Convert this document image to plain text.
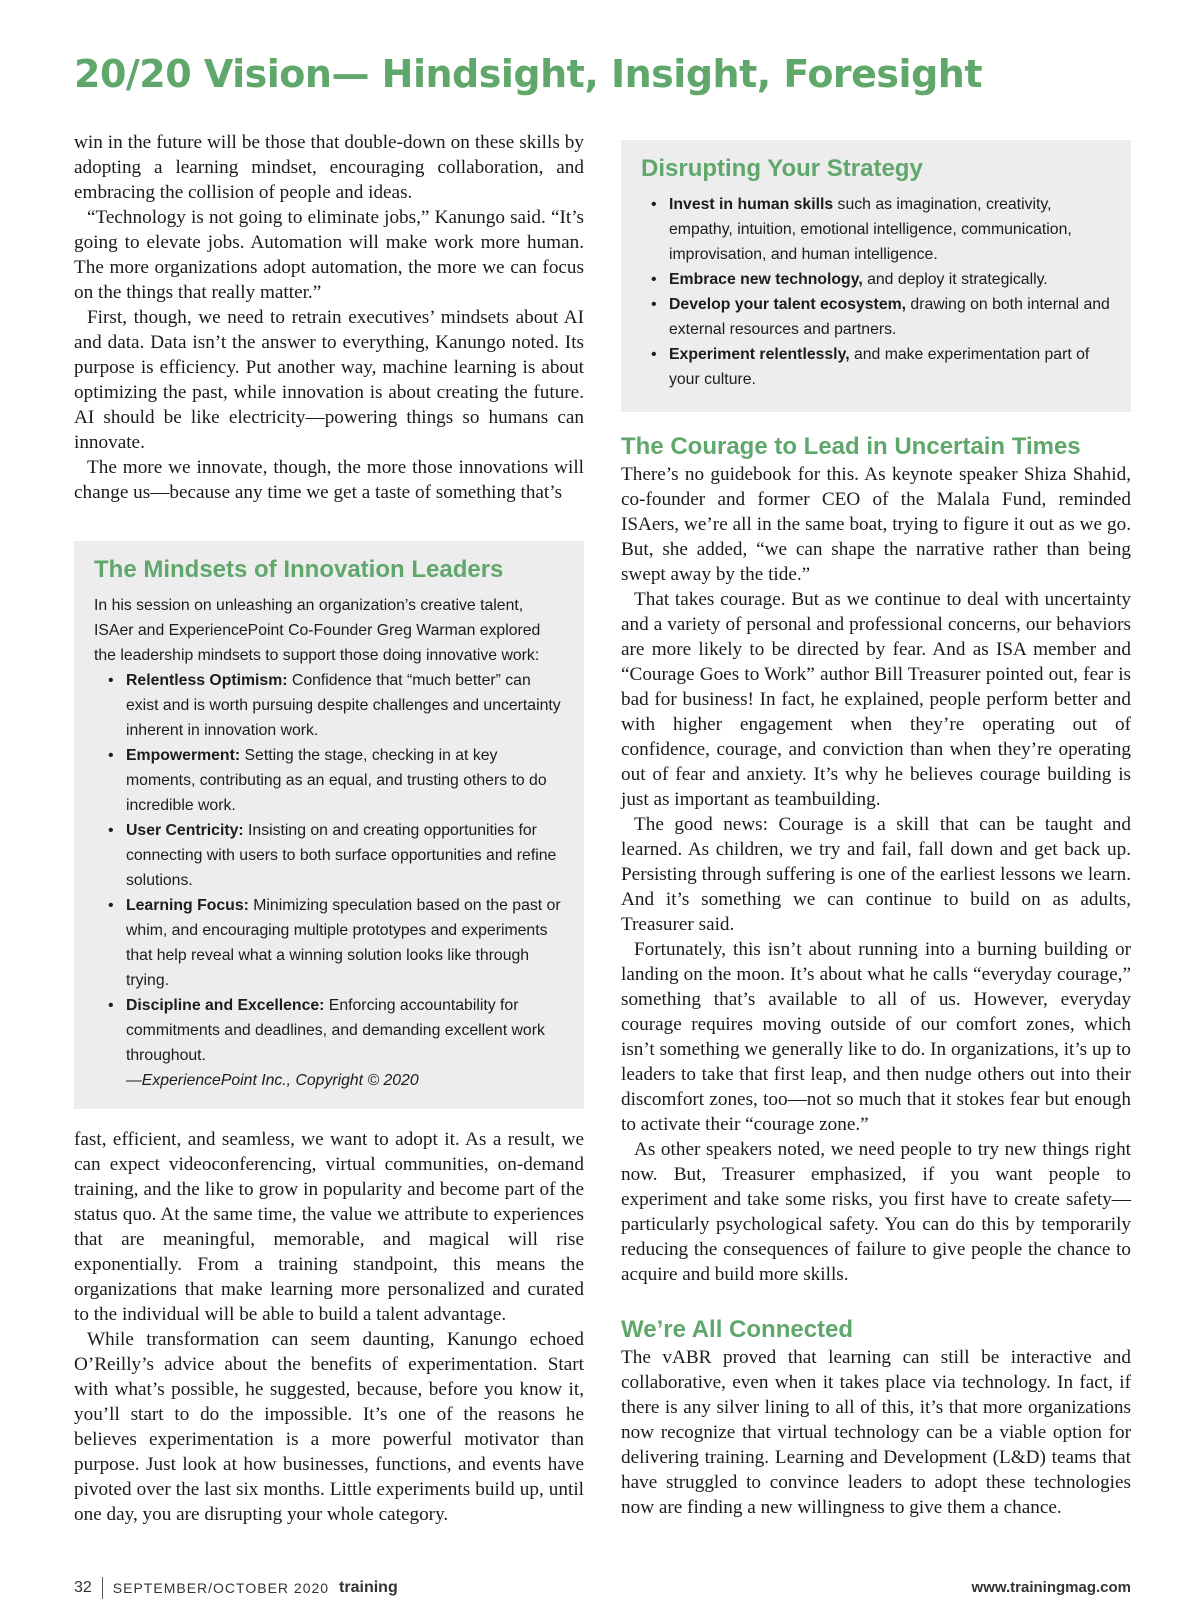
20/20 Vision— Hindsight, Insight, Foresight

win in the future will be those that double-down on these skills by adopting a learning mindset, encouraging collaboration, and embracing the collision of people and ideas.

“Technology is not going to eliminate jobs,” Kanungo said. “It’s going to elevate jobs. Automation will make work more human. The more organizations adopt automation, the more we can focus on the things that really matter.”

First, though, we need to retrain executives’ mindsets about AI and data. Data isn’t the answer to everything, Kanungo noted. Its purpose is efficiency. Put another way, machine learning is about optimizing the past, while innovation is about creating the future. AI should be like electricity—powering things so humans can innovate.

The more we innovate, though, the more those innovations will change us—because any time we get a taste of something that’s

The Mindsets of Innovation Leaders

In his session on unleashing an organization’s creative talent, ISAer and ExperiencePoint Co-Founder Greg Warman explored the leadership mindsets to support those doing innovative work:

• Relentless Optimism: Confidence that “much better” can exist and is worth pursuing despite challenges and uncertainty inherent in innovation work.
• Empowerment: Setting the stage, checking in at key moments, contributing as an equal, and trusting others to do incredible work.
• User Centricity: Insisting on and creating opportunities for connecting with users to both surface opportunities and refine solutions.
• Learning Focus: Minimizing speculation based on the past or whim, and encouraging multiple prototypes and experiments that help reveal what a winning solution looks like through trying.
• Discipline and Excellence: Enforcing accountability for commitments and deadlines, and demanding excellent work throughout.

—ExperiencePoint Inc., Copyright © 2020

fast, efficient, and seamless, we want to adopt it. As a result, we can expect videoconferencing, virtual communities, on-demand training, and the like to grow in popularity and become part of the status quo. At the same time, the value we attribute to experiences that are meaningful, memorable, and magical will rise exponentially. From a training standpoint, this means the organizations that make learning more personalized and curated to the individual will be able to build a talent advantage.

While transformation can seem daunting, Kanungo echoed O’Reilly’s advice about the benefits of experimentation. Start with what’s possible, he suggested, because, before you know it, you’ll start to do the impossible. It’s one of the reasons he believes experimentation is a more powerful motivator than purpose. Just look at how businesses, functions, and events have pivoted over the last six months. Little experiments build up, until one day, you are disrupting your whole category.

Disrupting Your Strategy
• Invest in human skills such as imagination, creativity, empathy, intuition, emotional intelligence, communication, improvisation, and human intelligence.
• Embrace new technology, and deploy it strategically.
• Develop your talent ecosystem, drawing on both internal and external resources and partners.
• Experiment relentlessly, and make experimentation part of your culture.
The Courage to Lead in Uncertain Times

There’s no guidebook for this. As keynote speaker Shiza Shahid, co-founder and former CEO of the Malala Fund, reminded ISAers, we’re all in the same boat, trying to figure it out as we go. But, she added, “we can shape the narrative rather than being swept away by the tide.”

That takes courage. But as we continue to deal with uncertainty and a variety of personal and professional concerns, our behaviors are more likely to be directed by fear. And as ISA member and “Courage Goes to Work” author Bill Treasurer pointed out, fear is bad for business! In fact, he explained, people perform better and with higher engagement when they’re operating out of confidence, courage, and conviction than when they’re operating out of fear and anxiety. It’s why he believes courage building is just as important as teambuilding.

The good news: Courage is a skill that can be taught and learned. As children, we try and fail, fall down and get back up. Persisting through suffering is one of the earliest lessons we learn. And it’s something we can continue to build on as adults, Treasurer said.

Fortunately, this isn’t about running into a burning building or landing on the moon. It’s about what he calls “everyday courage,” something that’s available to all of us. However, everyday courage requires moving outside of our comfort zones, which isn’t something we generally like to do. In organizations, it’s up to leaders to take that first leap, and then nudge others out into their discomfort zones, too—not so much that it stokes fear but enough to activate their “courage zone.”

As other speakers noted, we need people to try new things right now. But, Treasurer emphasized, if you want people to experiment and take some risks, you first have to create safety—particularly psychological safety. You can do this by temporarily reducing the consequences of failure to give people the chance to acquire and build more skills.

We’re All Connected

The vABR proved that learning can still be interactive and collaborative, even when it takes place via technology. In fact, if there is any silver lining to all of this, it’s that more organizations now recognize that virtual technology can be a viable option for delivering training. Learning and Development (L&D) teams that have struggled to convince leaders to adopt these technologies now are finding a new willingness to give them a chance.

32 SEPTEMBER/OCTOBER 2020 training	www.trainingmag.com
